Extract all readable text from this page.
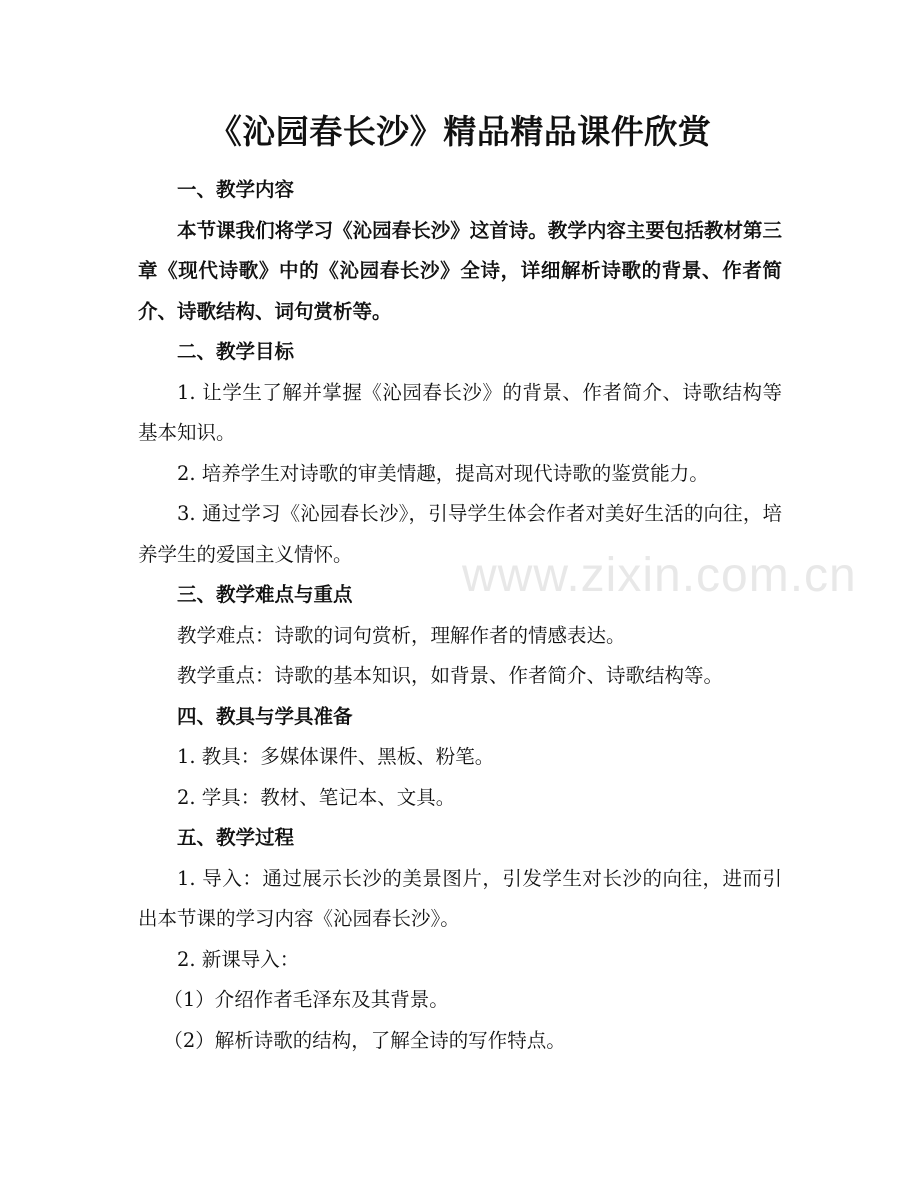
《沁园春长沙》精品精品课件欣赏
www.zixin.com.cn

一、教学内容

本节课我们将学习《沁园春长沙》这首诗。教学内容主要包括教材第三章《现代诗歌》中的《沁园春长沙》全诗，详细解析诗歌的背景、作者简介、诗歌结构、词句赏析等。

二、教学目标

1. 让学生了解并掌握《沁园春长沙》的背景、作者简介、诗歌结构等基本知识。

2. 培养学生对诗歌的审美情趣，提高对现代诗歌的鉴赏能力。

3. 通过学习《沁园春长沙》，引导学生体会作者对美好生活的向往，培养学生的爱国主义情怀。

三、教学难点与重点

教学难点：诗歌的词句赏析，理解作者的情感表达。

教学重点：诗歌的基本知识，如背景、作者简介、诗歌结构等。

四、教具与学具准备

1. 教具：多媒体课件、黑板、粉笔。

2. 学具：教材、笔记本、文具。

五、教学过程

1. 导入：通过展示长沙的美景图片，引发学生对长沙的向往，进而引出本节课的学习内容《沁园春长沙》。

2. 新课导入：

（1）介绍作者毛泽东及其背景。

（2）解析诗歌的结构，了解全诗的写作特点。
